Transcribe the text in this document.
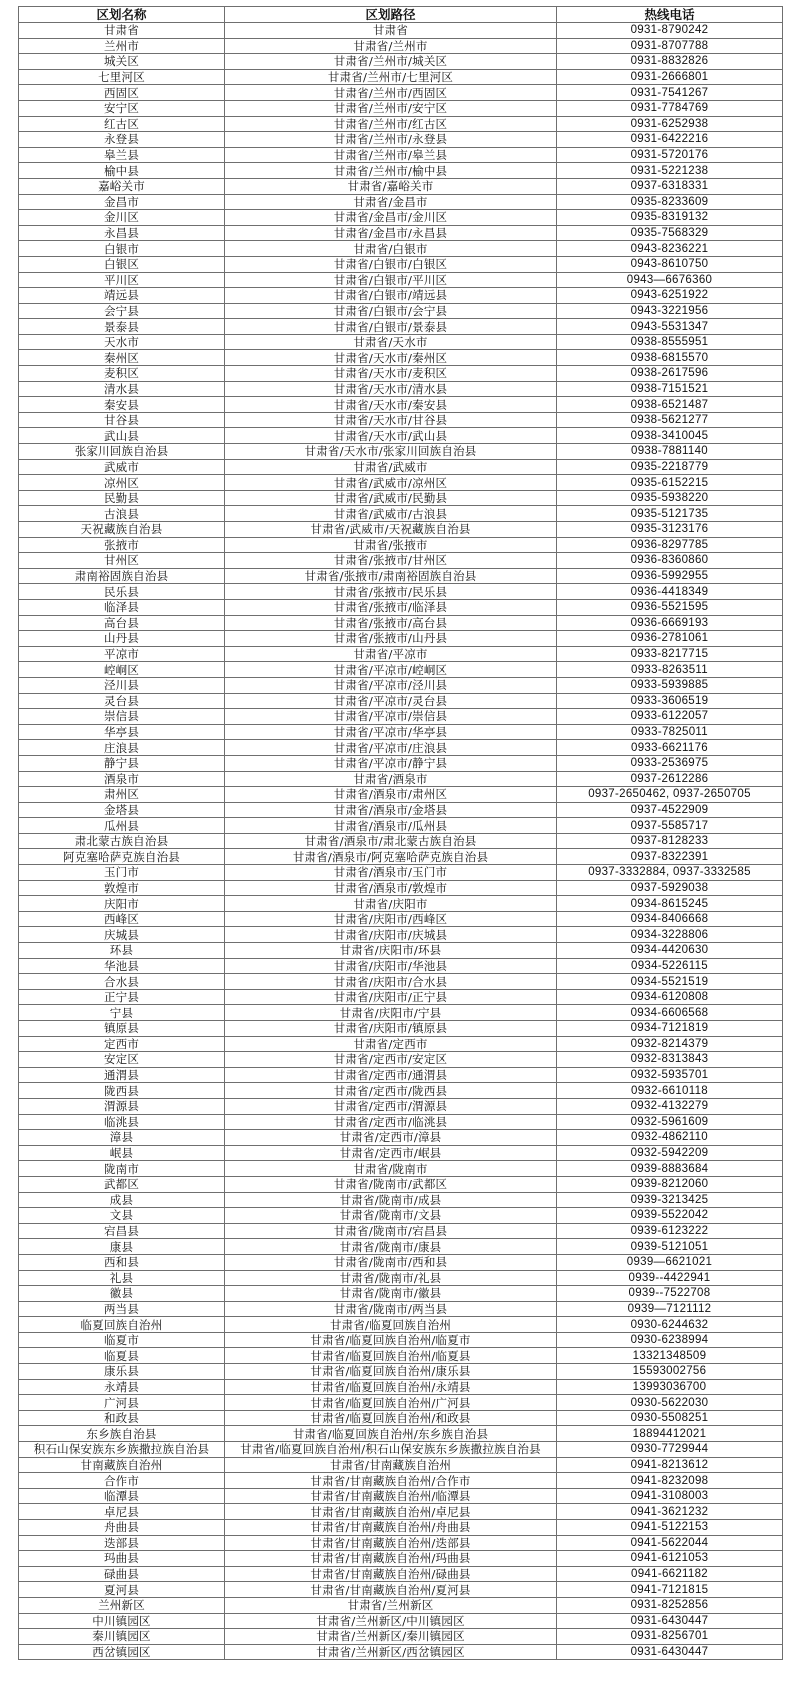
区划名称	区划路径	热线电话
甘肃省	甘肃省	0931-8790242
兰州市	甘肃省/兰州市	0931-8707788
城关区	甘肃省/兰州市/城关区	0931-8832826
七里河区	甘肃省/兰州市/七里河区	0931-2666801
西固区	甘肃省/兰州市/西固区	0931-7541267
安宁区	甘肃省/兰州市/安宁区	0931-7784769
红古区	甘肃省/兰州市/红古区	0931-6252938
永登县	甘肃省/兰州市/永登县	0931-6422216
皋兰县	甘肃省/兰州市/皋兰县	0931-5720176
榆中县	甘肃省/兰州市/榆中县	0931-5221238
嘉峪关市	甘肃省/嘉峪关市	0937-6318331
金昌市	甘肃省/金昌市	0935-8233609
金川区	甘肃省/金昌市/金川区	0935-8319132
永昌县	甘肃省/金昌市/永昌县	0935-7568329
白银市	甘肃省/白银市	0943-8236221
白银区	甘肃省/白银市/白银区	0943-8610750
平川区	甘肃省/白银市/平川区	0943—6676360
靖远县	甘肃省/白银市/靖远县	0943-6251922
会宁县	甘肃省/白银市/会宁县	0943-3221956
景泰县	甘肃省/白银市/景泰县	0943-5531347
天水市	甘肃省/天水市	0938-8555951
秦州区	甘肃省/天水市/秦州区	0938-6815570
麦积区	甘肃省/天水市/麦积区	0938-2617596
清水县	甘肃省/天水市/清水县	0938-7151521
秦安县	甘肃省/天水市/秦安县	0938-6521487
甘谷县	甘肃省/天水市/甘谷县	0938-5621277
武山县	甘肃省/天水市/武山县	0938-3410045
张家川回族自治县	甘肃省/天水市/张家川回族自治县	0938-7881140
武威市	甘肃省/武威市	0935-2218779
凉州区	甘肃省/武威市/凉州区	0935-6152215
民勤县	甘肃省/武威市/民勤县	0935-5938220
古浪县	甘肃省/武威市/古浪县	0935-5121735
天祝藏族自治县	甘肃省/武威市/天祝藏族自治县	0935-3123176
张掖市	甘肃省/张掖市	0936-8297785
甘州区	甘肃省/张掖市/甘州区	0936-8360860
肃南裕固族自治县	甘肃省/张掖市/肃南裕固族自治县	0936-5992955
民乐县	甘肃省/张掖市/民乐县	0936-4418349
临泽县	甘肃省/张掖市/临泽县	0936-5521595
高台县	甘肃省/张掖市/高台县	0936-6669193
山丹县	甘肃省/张掖市/山丹县	0936-2781061
平凉市	甘肃省/平凉市	0933-8217715
崆峒区	甘肃省/平凉市/崆峒区	0933-8263511
泾川县	甘肃省/平凉市/泾川县	0933-5939885
灵台县	甘肃省/平凉市/灵台县	0933-3606519
崇信县	甘肃省/平凉市/崇信县	0933-6122057
华亭县	甘肃省/平凉市/华亭县	0933-7825011
庄浪县	甘肃省/平凉市/庄浪县	0933-6621176
静宁县	甘肃省/平凉市/静宁县	0933-2536975
酒泉市	甘肃省/酒泉市	0937-2612286
肃州区	甘肃省/酒泉市/肃州区	0937-2650462, 0937-2650705
金塔县	甘肃省/酒泉市/金塔县	0937-4522909
瓜州县	甘肃省/酒泉市/瓜州县	0937-5585717
肃北蒙古族自治县	甘肃省/酒泉市/肃北蒙古族自治县	0937-8128233
阿克塞哈萨克族自治县	甘肃省/酒泉市/阿克塞哈萨克族自治县	0937-8322391
玉门市	甘肃省/酒泉市/玉门市	0937-3332884, 0937-3332585
敦煌市	甘肃省/酒泉市/敦煌市	0937-5929038
庆阳市	甘肃省/庆阳市	0934-8615245
西峰区	甘肃省/庆阳市/西峰区	0934-8406668
庆城县	甘肃省/庆阳市/庆城县	0934-3228806
环县	甘肃省/庆阳市/环县	0934-4420630
华池县	甘肃省/庆阳市/华池县	0934-5226115
合水县	甘肃省/庆阳市/合水县	0934-5521519
正宁县	甘肃省/庆阳市/正宁县	0934-6120808
宁县	甘肃省/庆阳市/宁县	0934-6606568
镇原县	甘肃省/庆阳市/镇原县	0934-7121819
定西市	甘肃省/定西市	0932-8214379
安定区	甘肃省/定西市/安定区	0932-8313843
通渭县	甘肃省/定西市/通渭县	0932-5935701
陇西县	甘肃省/定西市/陇西县	0932-6610118
渭源县	甘肃省/定西市/渭源县	0932-4132279
临洮县	甘肃省/定西市/临洮县	0932-5961609
漳县	甘肃省/定西市/漳县	0932-4862110
岷县	甘肃省/定西市/岷县	0932-5942209
陇南市	甘肃省/陇南市	0939-8883684
武都区	甘肃省/陇南市/武都区	0939-8212060
成县	甘肃省/陇南市/成县	0939-3213425
文县	甘肃省/陇南市/文县	0939-5522042
宕昌县	甘肃省/陇南市/宕昌县	0939-6123222
康县	甘肃省/陇南市/康县	0939-5121051
西和县	甘肃省/陇南市/西和县	0939—6621021
礼县	甘肃省/陇南市/礼县	0939--4422941
徽县	甘肃省/陇南市/徽县	0939--7522708
两当县	甘肃省/陇南市/两当县	0939—7121112
临夏回族自治州	甘肃省/临夏回族自治州	0930-6244632
临夏市	甘肃省/临夏回族自治州/临夏市	0930-6238994
临夏县	甘肃省/临夏回族自治州/临夏县	13321348509
康乐县	甘肃省/临夏回族自治州/康乐县	15593002756
永靖县	甘肃省/临夏回族自治州/永靖县	13993036700
广河县	甘肃省/临夏回族自治州/广河县	0930-5622030
和政县	甘肃省/临夏回族自治州/和政县	0930-5508251
东乡族自治县	甘肃省/临夏回族自治州/东乡族自治县	18894412021
积石山保安族东乡族撒拉族自治县	甘肃省/临夏回族自治州/积石山保安族东乡族撒拉族自治县	0930-7729944
甘南藏族自治州	甘肃省/甘南藏族自治州	0941-8213612
合作市	甘肃省/甘南藏族自治州/合作市	0941-8232098
临潭县	甘肃省/甘南藏族自治州/临潭县	0941-3108003
卓尼县	甘肃省/甘南藏族自治州/卓尼县	0941-3621232
舟曲县	甘肃省/甘南藏族自治州/舟曲县	0941-5122153
迭部县	甘肃省/甘南藏族自治州/迭部县	0941-5622044
玛曲县	甘肃省/甘南藏族自治州/玛曲县	0941-6121053
碌曲县	甘肃省/甘南藏族自治州/碌曲县	0941-6621182
夏河县	甘肃省/甘南藏族自治州/夏河县	0941-7121815
兰州新区	甘肃省/兰州新区	0931-8252856
中川镇园区	甘肃省/兰州新区/中川镇园区	0931-6430447
秦川镇园区	甘肃省/兰州新区/秦川镇园区	0931-8256701
西岔镇园区	甘肃省/兰州新区/西岔镇园区	0931-6430447
